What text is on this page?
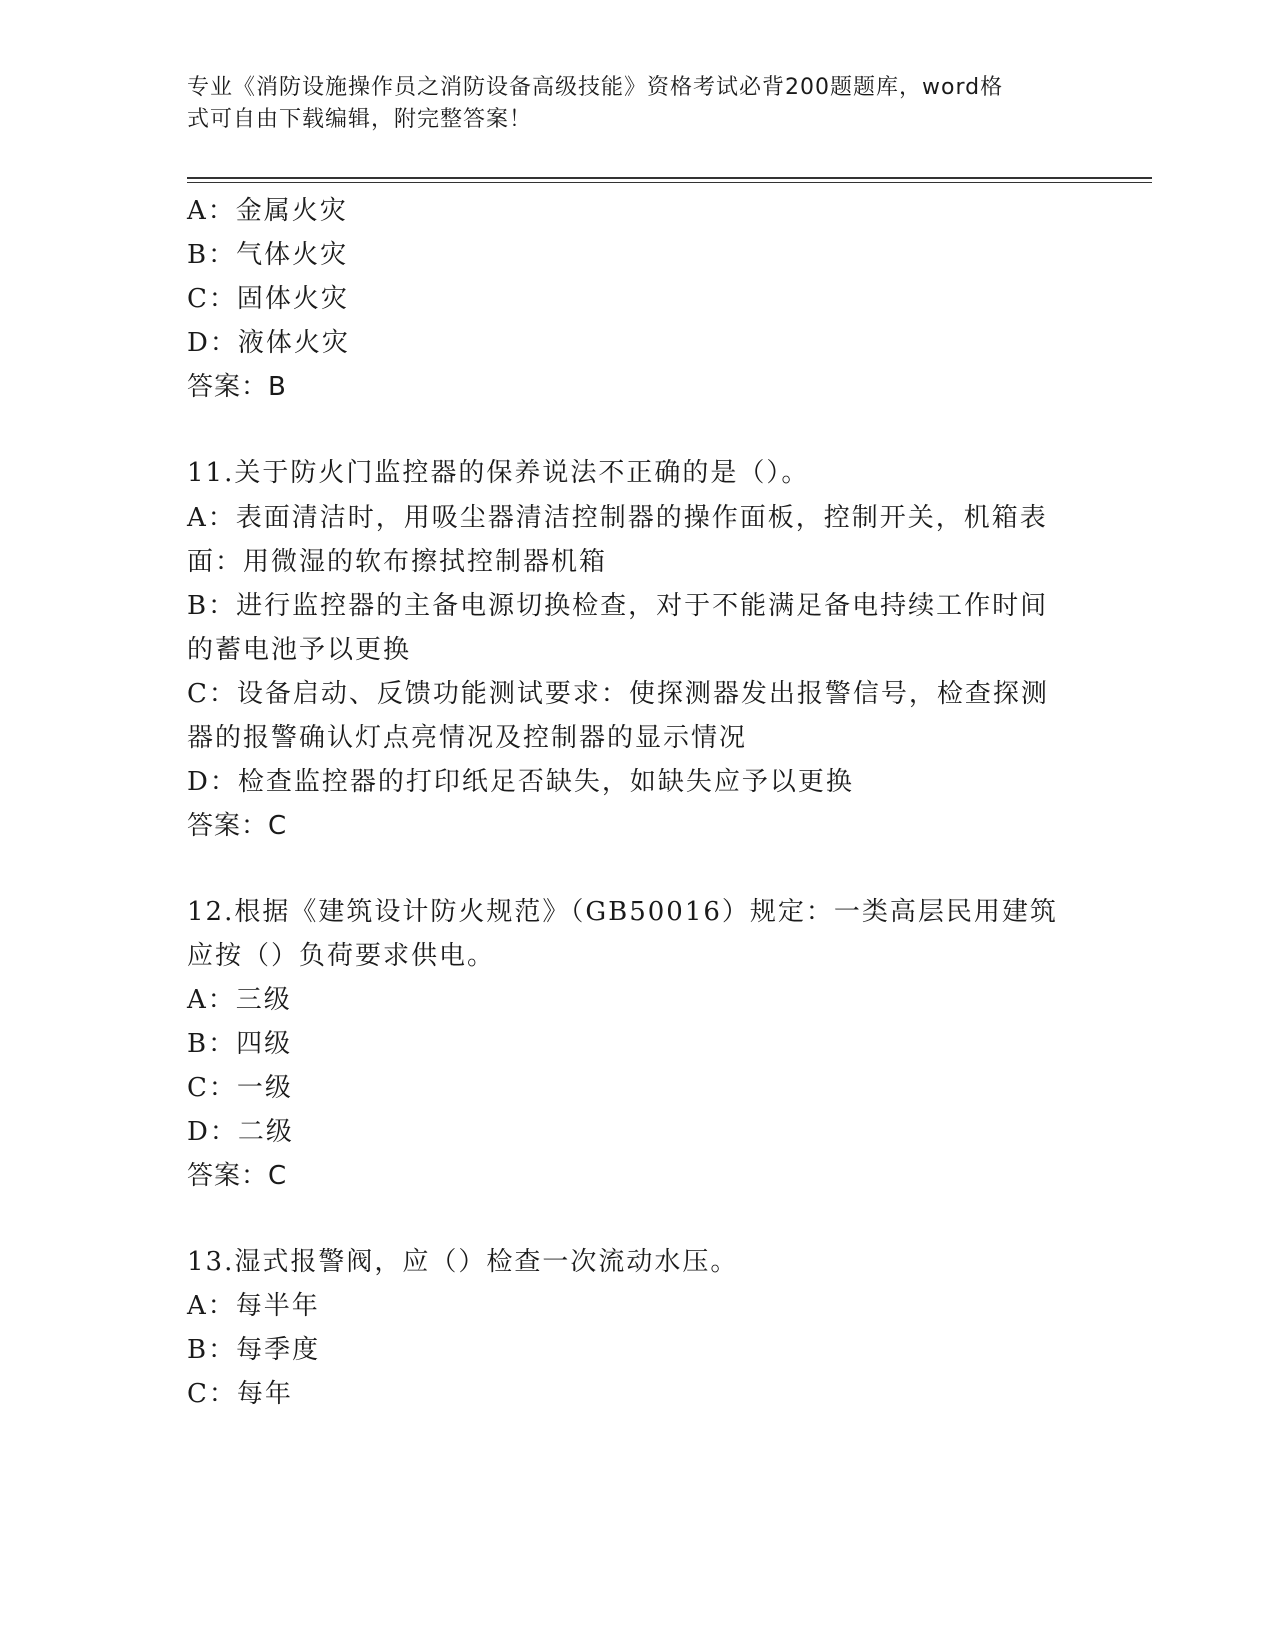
专业《消防设施操作员之消防设备高级技能》资格考试必背200题题库，word格
式可自由下载编辑，附完整答案！
A：金属火灾
B：气体火灾
C：固体火灾
D：液体火灾
答案：B
11.关于防火门监控器的保养说法不正确的是（）。
A：表面清洁时，用吸尘器清洁控制器的操作面板，控制开关，机箱表
面：用微湿的软布擦拭控制器机箱
B：进行监控器的主备电源切换检查，对于不能满足备电持续工作时间
的蓄电池予以更换
C：设备启动、反馈功能测试要求：使探测器发出报警信号，检查探测
器的报警确认灯点亮情况及控制器的显示情况
D：检查监控器的打印纸足否缺失，如缺失应予以更换
答案：C
12.根据《建筑设计防火规范》（GB50016）规定：一类高层民用建筑
应按（）负荷要求供电。
A：三级
B：四级
C：一级
D：二级
答案：C
13.湿式报警阀，应（）检查一次流动水压。
A：每半年
B：每季度
C：每年
